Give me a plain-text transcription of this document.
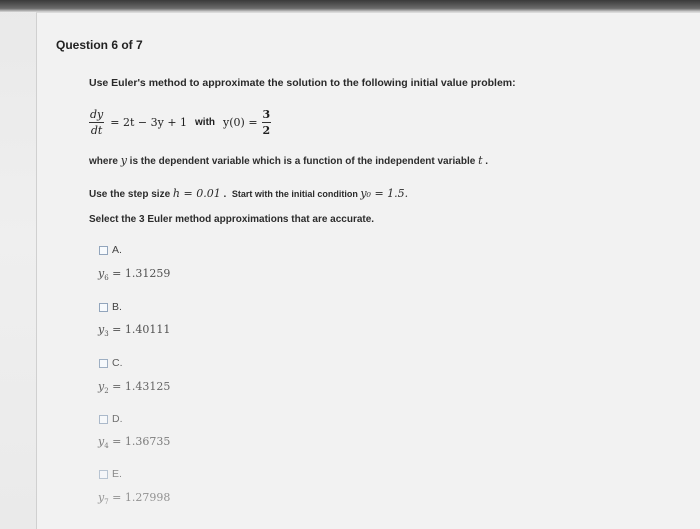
Question 6 of 7
Use Euler's method to approximate the solution to the following initial value problem:
$\frac{dy}{dt} = 2t - 3y + 1$ with $y(0) = \frac{3}{2}$
where y is the dependent variable which is a function of the independent variable t .
Use the step size h = 0.01 .  Start with the initial condition y₀ = 1.5.
Select the 3 Euler method approximations that are accurate.
A.
$y_6 = 1.31259$
B.
$y_3 = 1.40111$
C.
$y_2 = 1.43125$
D.
$y_4 = 1.36735$
E.
$y_7 = 1.27998$
